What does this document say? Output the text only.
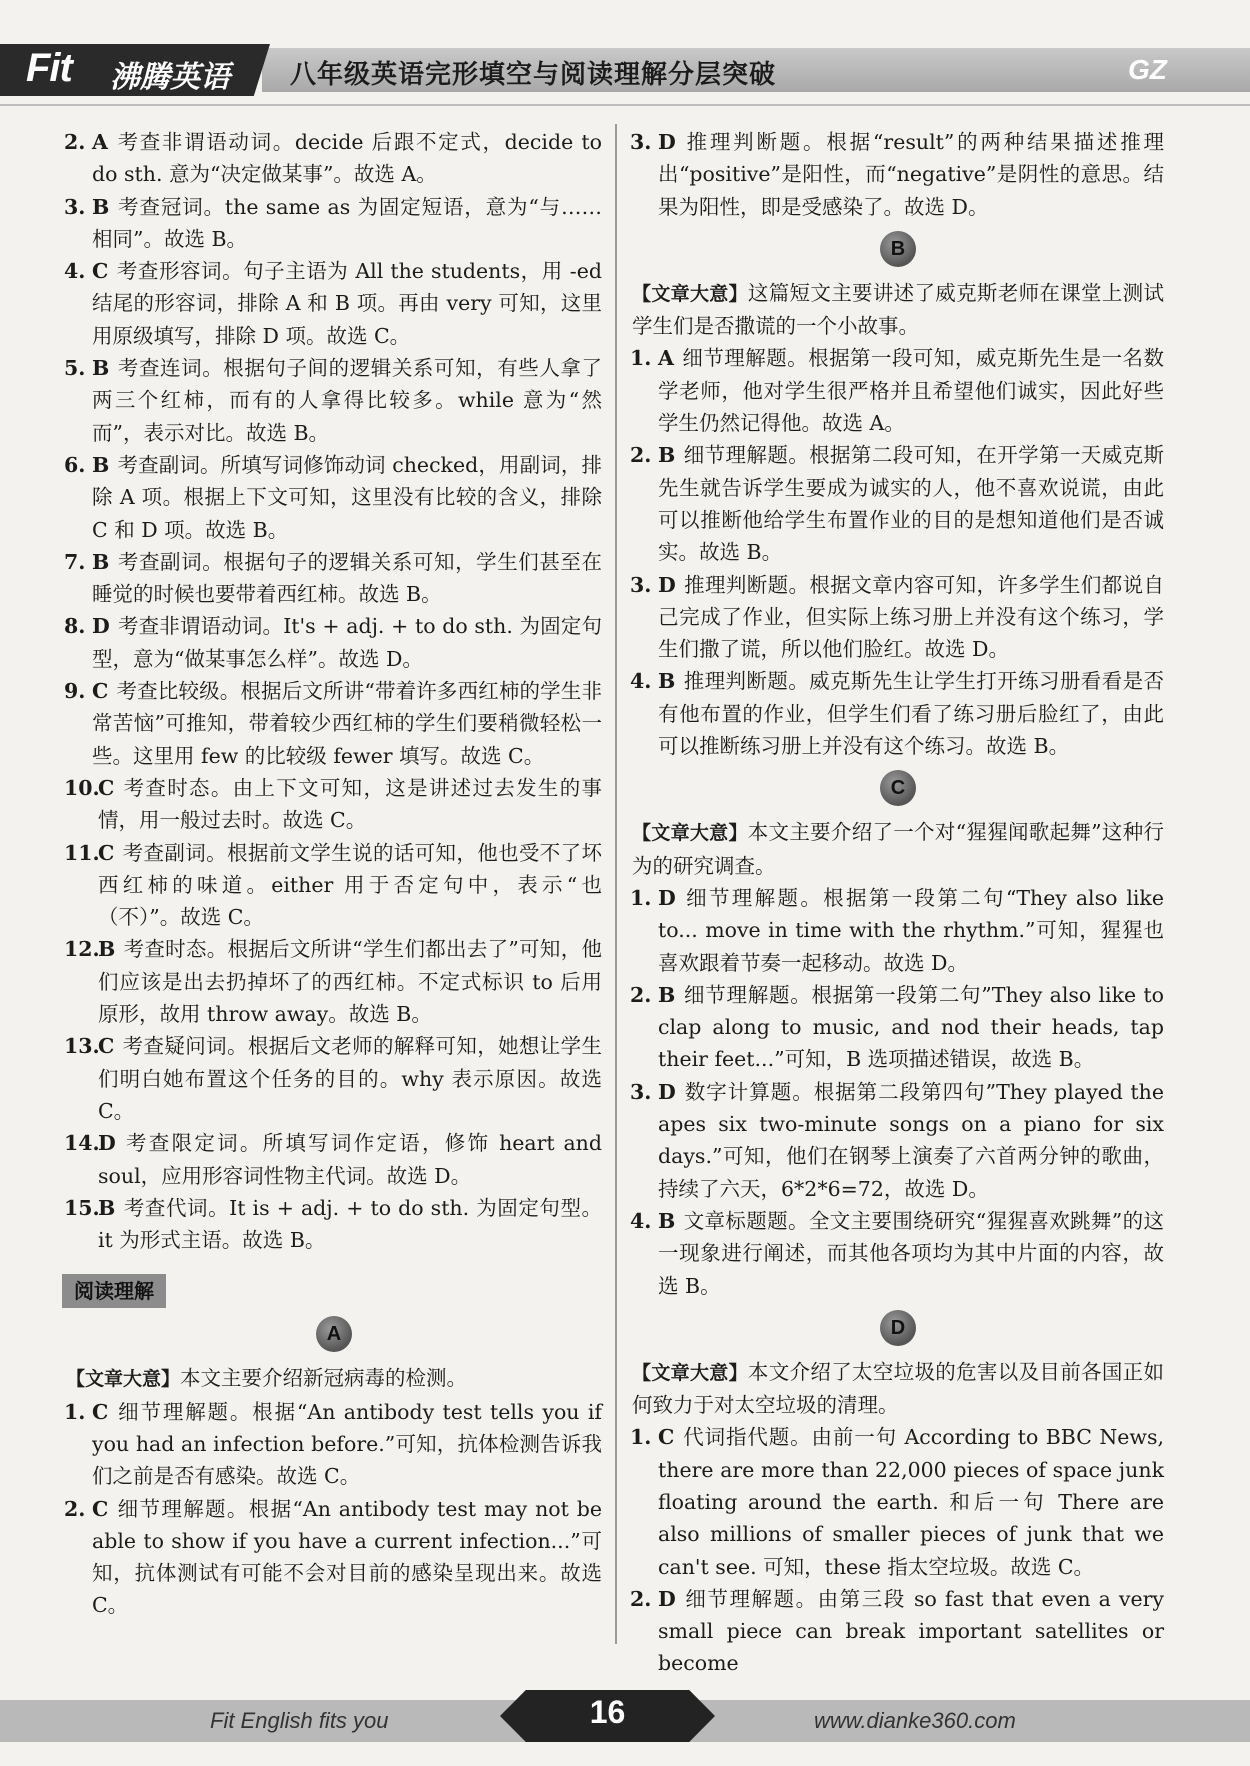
Fit 沸腾英语 八年级英语完形填空与阅读理解分层突破	GZ

2. A 考查非谓语动词。decide 后跟不定式，decide to do sth. 意为“决定做某事”。故选 A。

3. B 考查冠词。the same as 为固定短语，意为“与……相同”。故选 B。

4. C 考查形容词。句子主语为 All the students，用 -ed 结尾的形容词，排除 A 和 B 项。再由 very 可知，这里用原级填写，排除 D 项。故选 C。

5. B 考查连词。根据句子间的逻辑关系可知，有些人拿了两三个红柿，而有的人拿得比较多。while 意为“然而”，表示对比。故选 B。

6. B 考查副词。所填写词修饰动词 checked，用副词，排除 A 项。根据上下文可知，这里没有比较的含义，排除 C 和 D 项。故选 B。

7. B 考查副词。根据句子的逻辑关系可知，学生们甚至在睡觉的时候也要带着西红柿。故选 B。

8. D 考查非谓语动词。It's + adj. + to do sth. 为固定句型，意为“做某事怎么样”。故选 D。

9. C 考查比较级。根据后文所讲“带着许多西红柿的学生非常苦恼”可推知，带着较少西红柿的学生们要稍微轻松一些。这里用 few 的比较级 fewer 填写。故选 C。

10.
C 考查时态。由上下文可知，这是讲述过去发生的事情，用一般过去时。故选 C。

11.
C 考查副词。根据前文学生说的话可知，他也受不了坏西红柿的味道。either 用于否定句中，表示“也（不）”。故选 C。

12.
B 考查时态。根据后文所讲“学生们都出去了”可知，他们应该是出去扔掉坏了的西红柿。不定式标识 to 后用原形，故用 throw away。故选 B。

13.
C 考查疑问词。根据后文老师的解释可知，她想让学生们明白她布置这个任务的目的。why 表示原因。故选 C。

14.
D 考查限定词。所填写词作定语，修饰 heart and soul，应用形容词性物主代词。故选 D。

15.
B 考查代词。It is + adj. + to do sth. 为固定句型。it 为形式主语。故选 B。

阅读理解
A

【文章大意】本文主要介绍新冠病毒的检测。

1. C 细节理解题。根据“An antibody test tells you if you had an infection before.”可知，抗体检测告诉我们之前是否有感染。故选 C。

2. C 细节理解题。根据“An antibody test may not be able to show if you have a current infection...”可知，抗体测试有可能不会对目前的感染呈现出来。故选 C。

3. D 推理判断题。根据“result”的两种结果描述推理出“positive”是阳性，而“negative”是阴性的意思。结果为阳性，即是受感染了。故选 D。

B

【文章大意】这篇短文主要讲述了威克斯老师在课堂上测试学生们是否撒谎的一个小故事。

1. A 细节理解题。根据第一段可知，威克斯先生是一名数学老师，他对学生很严格并且希望他们诚实，因此好些学生仍然记得他。故选 A。

2. B 细节理解题。根据第二段可知，在开学第一天威克斯先生就告诉学生要成为诚实的人，他不喜欢说谎，由此可以推断他给学生布置作业的目的是想知道他们是否诚实。故选 B。

3. D 推理判断题。根据文章内容可知，许多学生们都说自己完成了作业，但实际上练习册上并没有这个练习，学生们撒了谎，所以他们脸红。故选 D。

4. B 推理判断题。威克斯先生让学生打开练习册看看是否有他布置的作业，但学生们看了练习册后脸红了，由此可以推断练习册上并没有这个练习。故选 B。

C

【文章大意】本文主要介绍了一个对“猩猩闻歌起舞”这种行为的研究调查。

1. D 细节理解题。根据第一段第二句“They also like to... move in time with the rhythm.”可知，猩猩也喜欢跟着节奏一起移动。故选 D。

2. B 细节理解题。根据第一段第二句”They also like to clap along to music, and nod their heads, tap their feet...”可知，B 选项描述错误，故选 B。

3. D 数字计算题。根据第二段第四句”They played the apes six two-minute songs on a piano for six days.”可知，他们在钢琴上演奏了六首两分钟的歌曲，持续了六天，6*2*6=72，故选 D。

4. B 文章标题题。全文主要围绕研究“猩猩喜欢跳舞”的这一现象进行阐述，而其他各项均为其中片面的内容，故选 B。

D

【文章大意】本文介绍了太空垃圾的危害以及目前各国正如何致力于对太空垃圾的清理。

1. C 代词指代题。由前一句 According to BBC News, there are more than 22,000 pieces of space junk floating around the earth. 和后一句 There are also millions of smaller pieces of junk that we can't see. 可知，these 指太空垃圾。故选 C。

2. D 细节理解题。由第三段 so fast that even a very small piece can break important satellites or become

Fit English fits you	16	www.dianke360.com
